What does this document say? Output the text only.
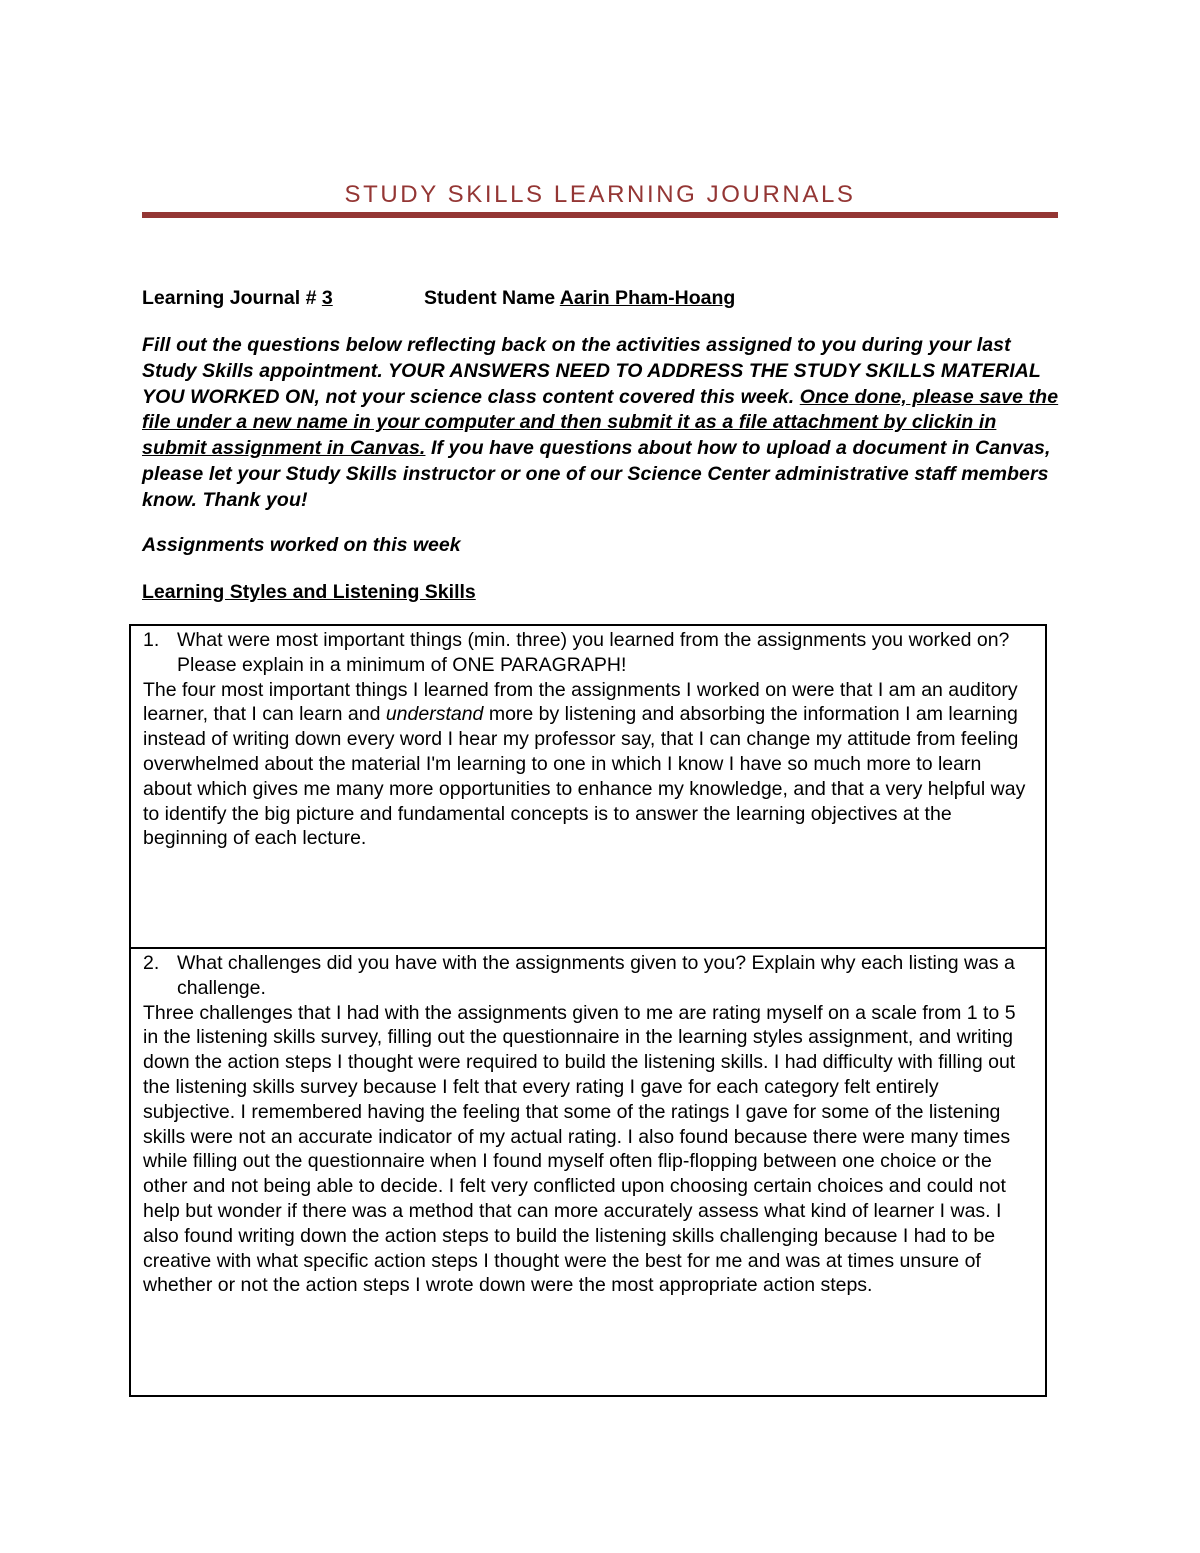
STUDY SKILLS LEARNING JOURNALS
Learning Journal # 3	Student Name Aarin Pham-Hoang
Fill out the questions below reflecting back on the activities assigned to you during your last Study Skills appointment. YOUR ANSWERS NEED TO ADDRESS THE STUDY SKILLS MATERIAL YOU WORKED ON, not your science class content covered this week. Once done, please save the file under a new name in your computer and then submit it as a file attachment by clickin in submit assignment in Canvas. If you have questions about how to upload a document in Canvas, please let your Study Skills instructor or one of our Science Center administrative staff members know. Thank you!
Assignments worked on this week
Learning Styles and Listening Skills
1. What were most important things (min. three) you learned from the assignments you worked on? Please explain in a minimum of ONE PARAGRAPH!
The four most important things I learned from the assignments I worked on were that I am an auditory learner, that I can learn and understand more by listening and absorbing the information I am learning instead of writing down every word I hear my professor say, that I can change my attitude from feeling overwhelmed about the material I'm learning to one in which I know I have so much more to learn about which gives me many more opportunities to enhance my knowledge, and that a very helpful way to identify the big picture and fundamental concepts is to answer the learning objectives at the beginning of each lecture.
2. What challenges did you have with the assignments given to you? Explain why each listing was a challenge.
Three challenges that I had with the assignments given to me are rating myself on a scale from 1 to 5 in the listening skills survey, filling out the questionnaire in the learning styles assignment, and writing down the action steps I thought were required to build the listening skills. I had difficulty with filling out the listening skills survey because I felt that every rating I gave for each category felt entirely subjective. I remembered having the feeling that some of the ratings I gave for some of the listening skills were not an accurate indicator of my actual rating. I also found because there were many times while filling out the questionnaire when I found myself often flip-flopping between one choice or the other and not being able to decide. I felt very conflicted upon choosing certain choices and could not help but wonder if there was a method that can more accurately assess what kind of learner I was. I also found writing down the action steps to build the listening skills challenging because I had to be creative with what specific action steps I thought were the best for me and was at times unsure of whether or not the action steps I wrote down were the most appropriate action steps.
